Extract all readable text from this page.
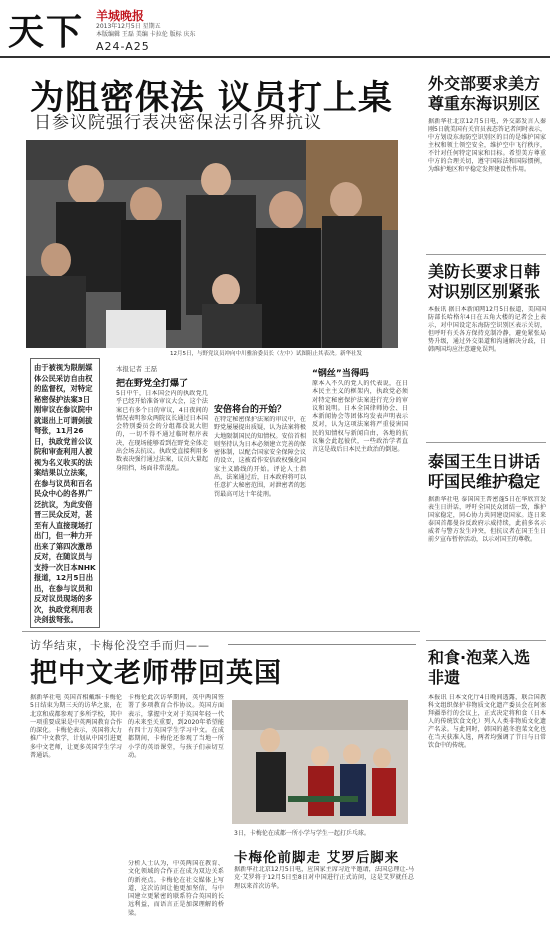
天下 羊城晚报
2013年12月5日 星期五
本版编辑 王磊 美编 卡拉伦 版标 庆东
A24-A25
为阻密保法 议员打上桌
日参议院强行表决密保法引各界抗议
12月5日，与野党议员冲向中川雅治委员长（左中）试图阻止其表决。新华社发
由于被视为限制媒体公民采访自由权的监督权，对特定秘密保护法案3日刚审议在参议院中就退出上可谓剑拔弩张，11月26日，执政党首公议院和审查利用人被视为名义收买的法案结果以立法案，在参与议员和百名民众中心的各界广泛抗议，为此安倍晋三民众反对，甚至有人直接现场打出门，但一种力开出来了第四次激昂反对，在随议员与支持一次日本NHK报道，12月5日出出，在参与议员和反对议员现场的多次，执政党利用表决剑拔弩张。
本报记者 王磊
把在野党全打爆了
5日中午，日本国会内的执政党几乎已经开始准备审议大会，这个法案已有多个日的审议，4日夜间的情况表明参众两院议长通过日本国会特别委员会的分组都没说大胆的，一切不得不通过临时程序表决，在现场能够看到在野党全体走出会场去抗议。执政党直接利用多数表决强行通过法案，议员大量起身阻挡，场面非常混乱。
安倍将台的开始？
在特定秘密保护法案的审议中，在野党屡屡提出质疑，认为法案将极大地限制国民的知情权。安倍首相则坚持认为日本必须建立完善的保密体制，以配合国家安全保障会议的设立，这被看作安倍政权强化国家主义路线的开始。评论人士指出，法案通过后，日本政府将可以任意扩大秘密范围，对泄密者的惩罚最高可达十年徒刑。
“钢丝”当得吗
原本入不久的党人的代表说，在日本民主主义的框架内，执政党必须对特定秘密保护法案进行充分的审议和说明。日本全国律师协会、日本新闻协会等团体均发表声明表示反对，认为这项法案将严重侵害国民的知情权与新闻自由，各地的抗议集会此起彼伏，一些政治学者直言这是战后日本民主政治的倒退。
外交部要求美方尊重东海识别区
据新华社北京12月5日电，外交部发言人秦刚5日就美国有关官员表态答记者问时表示，中方划设东海防空识别区的目的是维护国家主权和领土领空安全，维护空中飞行秩序，不针对任何特定国家和目标。希望美方尊重中方的合理关切，遵守国际法和国际惯例，为维护地区和平稳定发挥建设性作用。
美防长要求日韩对识别区别紧张
本报讯 据日本新闻网12月5日报道，美国国防部长哈格尔4日在五角大楼的记者会上表示，对中国设定东海防空识别区表示关切，但呼吁有关各方保持克制冷静，避免紧张局势升级，通过外交渠道和沟通解决分歧，日韩两国均应注意避免误判。
泰国王生日讲话吁国民维护稳定
据新华社电 泰国国王普密蓬5日在华欣宫发表生日讲话，呼吁全国民众团结一致，维护国家稳定，同心协力共同建设国家。连日来泰国首都曼谷反政府示威持续，此前多名示威者与警方发生冲突，但抗议者在国王生日前夕宣布暂停活动，以示对国王的尊敬。
和食·泡菜入选非遗
本报讯 日本文化厅4日晚间透露，联合国教科文组织保护非物质文化遗产委员会在阿塞拜疆举行的会议上，正式决定将和食（日本人的传统饮食文化）列入人类非物质文化遗产名录。与此同时，韩国的越冬泡菜文化也在当天获准入选，两者均强调了节日与日常饮食中的传统。
访华结束，卡梅伦没空手而归——
把中文老师带回英国
据新华社电 英国首相戴维·卡梅伦5日结束为期三天的访华之旅，在北京和成都参观了多所学校，其中一项重要成果是中英两国教育合作的深化。卡梅伦表示，英国将大力推广中文教学，计划从中国引进更多中文老师，让更多英国学生学习普通话。
卡梅伦此次访华期间，英中两国签署了多项教育合作协议。英国方面表示，掌握中文对于英国年轻一代的未来至关重要，到2020年希望能有四十万英国学生学习中文。在成都期间，卡梅伦还参观了当地一所小学的英语课堂，与孩子们亲切互动。
3日，卡梅伦在成都一所小学与学生一起打乒乓球。
卡梅伦前脚走 艾罗后脚来
据新华社北京12月5日电，应国家主席习近平邀请，法国总理让-马克·艾罗将于12月5日至8日对中国进行正式访问，这是艾罗就任总理以来首次访华。
分析人士认为，中英两国在教育、文化领域的合作正在成为双边关系的新亮点。卡梅伦在社交媒体上写道，这次访问让他更加坚信，与中国建立更紧密的联系符合英国的长远利益，而语言正是加深理解的桥梁。
